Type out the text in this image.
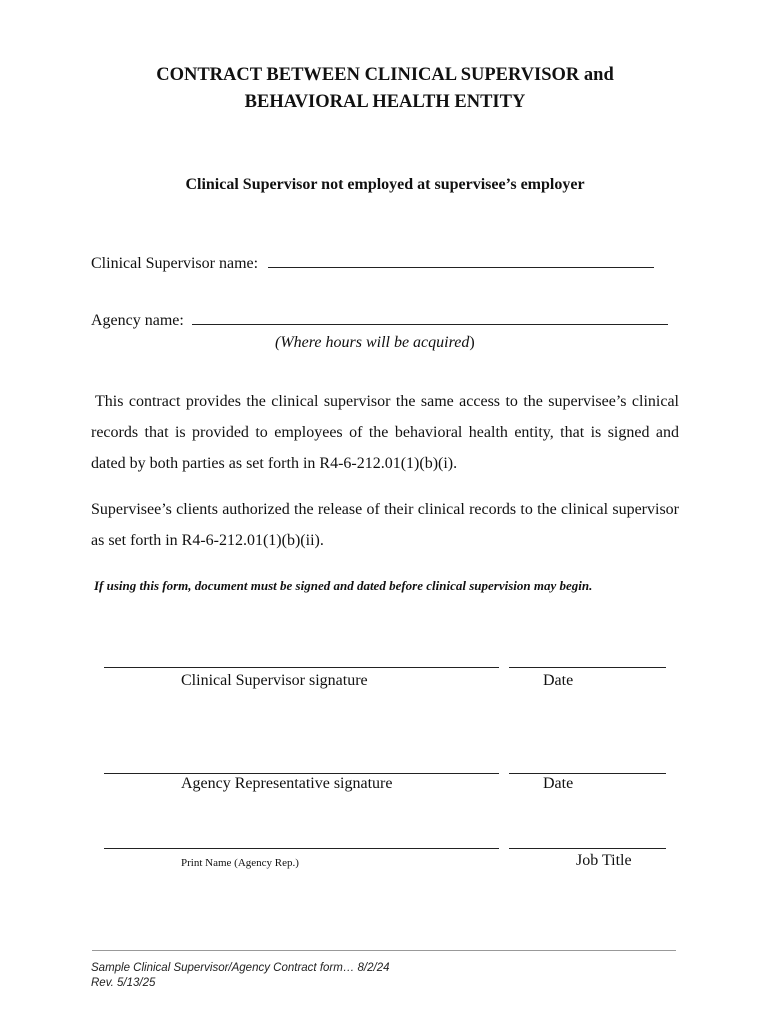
CONTRACT BETWEEN CLINICAL SUPERVISOR and
BEHAVIORAL HEALTH ENTITY
Clinical Supervisor not employed at supervisee’s employer
Clinical Supervisor name:
Agency name:
(Where hours will be acquired)
This contract provides the clinical supervisor the same access to the supervisee’s clinical records that is provided to employees of the behavioral health entity, that is signed and dated by both parties as set forth in R4-6-212.01(1)(b)(i).
Supervisee’s clients authorized the release of their clinical records to the clinical supervisor as set forth in R4-6-212.01(1)(b)(ii).
If using this form, document must be signed and dated before clinical supervision may begin.
Clinical Supervisor signature	Date
Agency Representative signature	Date
Print Name (Agency Rep.)	Job Title
Sample Clinical Supervisor/Agency Contract form… 8/2/24
Rev. 5/13/25
